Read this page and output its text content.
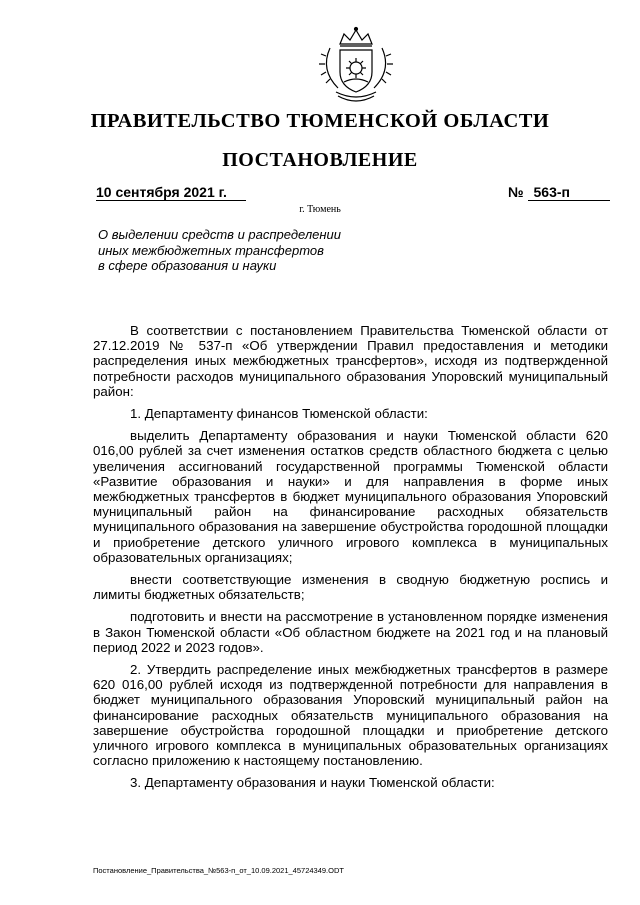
ПРАВИТЕЛЬСТВО ТЮМЕНСКОЙ ОБЛАСТИ
ПОСТАНОВЛЕНИЕ
10 сентября 2021 г.	№ 563-п
г. Тюмень
О выделении средств и распределении
иных межбюджетных трансфертов
в сфере образования и науки

В соответствии с постановлением Правительства Тюменской области от 27.12.2019 № 537-п «Об утверждении Правил предоставления и методики распределения иных межбюджетных трансфертов», исходя из подтвержденной потребности расходов муниципального образования Упоровский муниципальный район:

1. Департаменту финансов Тюменской области:

выделить Департаменту образования и науки Тюменской области 620 016,00 рублей за счет изменения остатков средств областного бюджета с целью увеличения ассигнований государственной программы Тюменской области «Развитие образования и науки» и для направления в форме иных межбюджетных трансфертов в бюджет муниципального образования Упоровский муниципальный район на финансирование расходных обязательств муниципального образования на завершение обустройства городошной площадки и приобретение детского уличного игрового комплекса в муниципальных образовательных организациях;

внести соответствующие изменения в сводную бюджетную роспись и лимиты бюджетных обязательств;

подготовить и внести на рассмотрение в установленном порядке изменения в Закон Тюменской области «Об областном бюджете на 2021 год и на плановый период 2022 и 2023 годов».

2. Утвердить распределение иных межбюджетных трансфертов в размере 620 016,00 рублей исходя из подтвержденной потребности для направления в бюджет муниципального образования Упоровский муниципальный район на финансирование расходных обязательств муниципального образования на завершение обустройства городошной площадки и приобретение детского уличного игрового комплекса в муниципальных образовательных организациях согласно приложению к настоящему постановлению.

3. Департаменту образования и науки Тюменской области:

Постановление_Правительства_№563-п_от_10.09.2021_45724349.ODT
